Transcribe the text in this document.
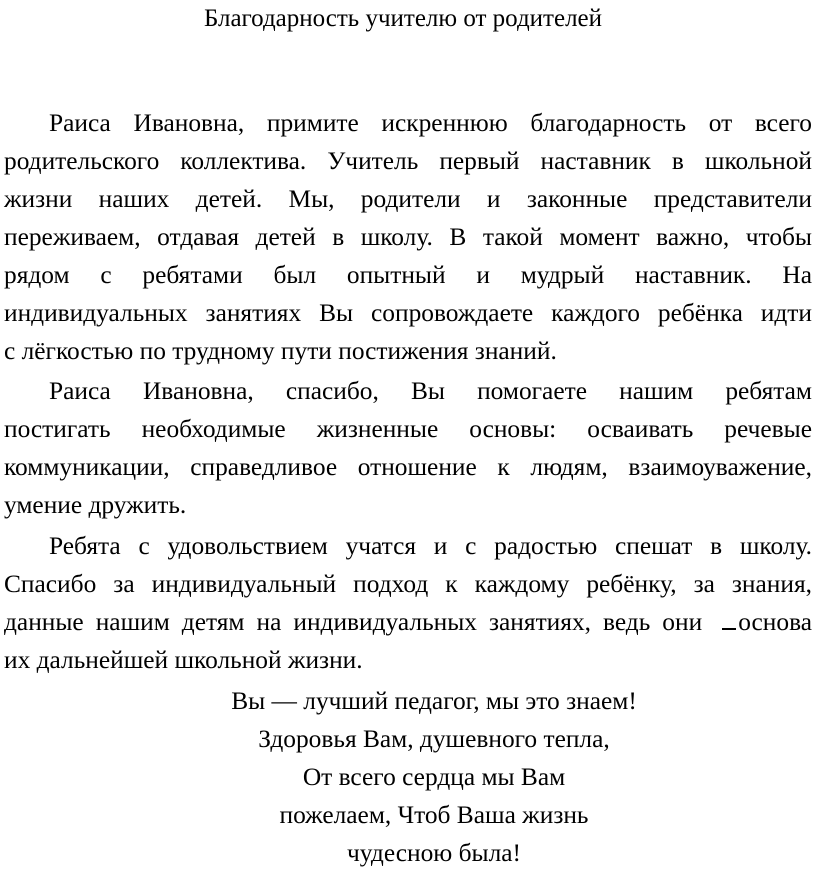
Благодарность учителю от родителей
Раиса Ивановна, примите искреннюю благодарность от всего
родительского коллектива. Учитель первый наставник в школьной
жизни наших детей. Мы, родители и законные представители
переживаем, отдавая детей в школу. В такой момент важно, чтобы
рядом с ребятами был опытный и мудрый наставник. На
индивидуальных занятиях Вы сопровождаете каждого ребёнка идти
с лёгкостью по трудному пути постижения знаний.
Раиса Ивановна, спасибо, Вы помогаете нашим ребятам
постигать необходимые жизненные основы: осваивать речевые
коммуникации, справедливое отношение к людям, взаимоуважение,
умение дружить.
Ребята с удовольствием учатся и с радостью спешат в школу.
Спасибо за индивидуальный подход к каждому ребёнку, за знания,
данные нашим детям на индивидуальных занятиях, ведь они основа
их дальнейшей школьной жизни.
Вы — лучший педагог, мы это знаем!
Здоровья Вам, душевного тепла,
От всего сердца мы Вам
пожелаем, Чтоб Ваша жизнь
чудесною была!
